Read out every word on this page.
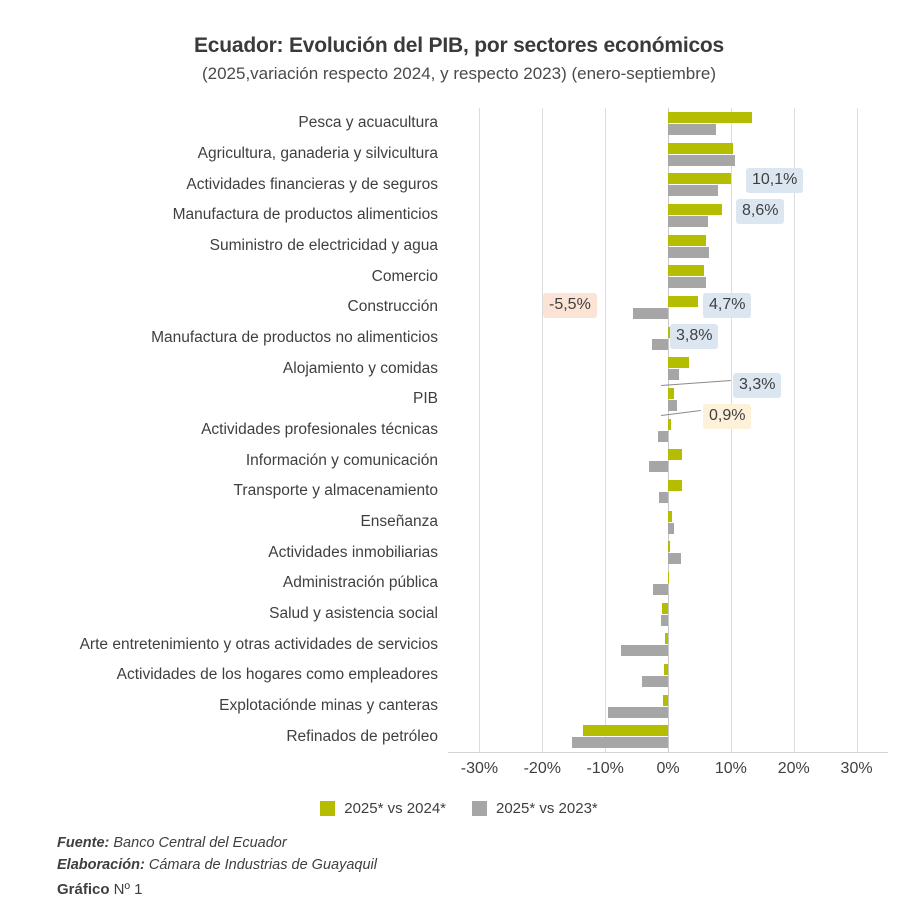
Ecuador: Evolución del PIB, por sectores económicos
(2025,variación respecto 2024, y respecto 2023) (enero-septiembre)
Pesca y acuacultura
Agricultura, ganaderia y silvicultura
Actividades financieras y de seguros
Manufactura de productos alimenticios
Suministro de electricidad y agua
Comercio
Construcción
Manufactura de productos no alimenticios
Alojamiento y comidas
PIB
Actividades profesionales técnicas
Información y comunicación
Transporte y almacenamiento
Enseñanza
Actividades inmobiliarias
Administración pública
Salud y asistencia social
Arte entretenimiento y otras actividades de servicios
Actividades de los hogares como empleadores
Explotaciónde minas y canteras
Refinados de petróleo
10,1%
8,6%
4,7%
-5,5%
3,8%
3,3%
0,9%
-30% -20% -10% 0% 10% 20% 30%
2025* vs 2024*	2025* vs 2023*
Fuente: Banco Central del Ecuador
Elaboración: Cámara de Industrias de Guayaquil
Gráfico Nº 1
